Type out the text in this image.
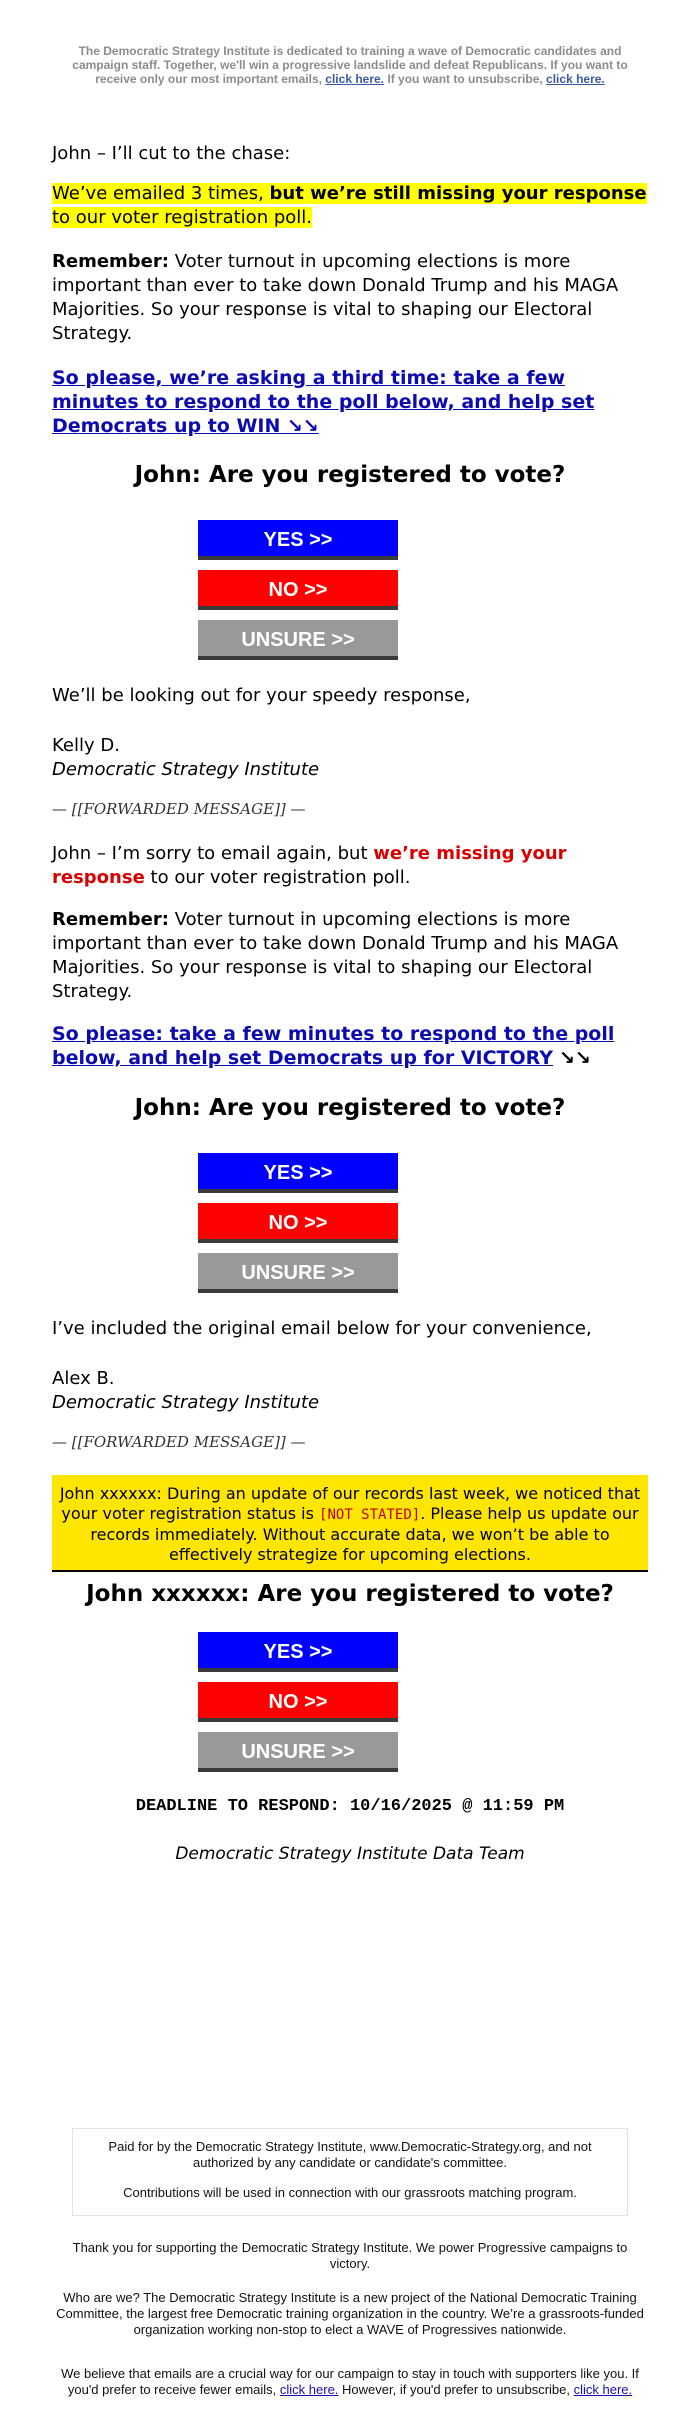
The Democratic Strategy Institute is dedicated to training a wave of Democratic candidates and campaign staff. Together, we'll win a progressive landslide and defeat Republicans. If you want to receive only our most important emails, click here. If you want to unsubscribe, click here.

John – I’ll cut to the chase:

We’ve emailed 3 times, but we’re still missing your response to our voter registration poll.

Remember: Voter turnout in upcoming elections is more important than ever to take down Donald Trump and his MAGA Majorities. So your response is vital to shaping our Electoral Strategy.

So please, we’re asking a third time: take a few minutes to respond to the poll below, and help set Democrats up to WIN ↘↘
John: Are you registered to vote?
YES >>
NO >>
UNSURE >>

We’ll be looking out for your speedy response,

Kelly D.

Democratic Strategy Institute

— [[FORWARDED MESSAGE]] —

John – I’m sorry to email again, but we’re missing your response to our voter registration poll.

Remember: Voter turnout in upcoming elections is more important than ever to take down Donald Trump and his MAGA Majorities. So your response is vital to shaping our Electoral Strategy.

So please: take a few minutes to respond to the poll below, and help set Democrats up for VICTORY ↘↘

John: Are you registered to vote?
YES >>
NO >>
UNSURE >>

I’ve included the original email below for your convenience,

Alex B.

Democratic Strategy Institute

— [[FORWARDED MESSAGE]] —

John xxxxxx: During an update of our records last week, we noticed that your voter registration status is [NOT STATED]. Please help us update our records immediately. Without accurate data, we won’t be able to effectively strategize for upcoming elections.
John xxxxxx: Are you registered to vote?
YES >>
NO >>
UNSURE >>

DEADLINE TO RESPOND: 10/16/2025 @ 11:59 PM

Democratic Strategy Institute Data Team

Paid for by the Democratic Strategy Institute, www.Democratic-Strategy.org, and not authorized by any candidate or candidate's committee.

Contributions will be used in connection with our grassroots matching program.

Thank you for supporting the Democratic Strategy Institute. We power Progressive campaigns to victory.

Who are we? The Democratic Strategy Institute is a new project of the National Democratic Training Committee, the largest free Democratic training organization in the country. We’re a grassroots-funded organization working non-stop to elect a WAVE of Progressives nationwide.

We believe that emails are a crucial way for our campaign to stay in touch with supporters like you. If you'd prefer to receive fewer emails, click here. However, if you'd prefer to unsubscribe, click here.
